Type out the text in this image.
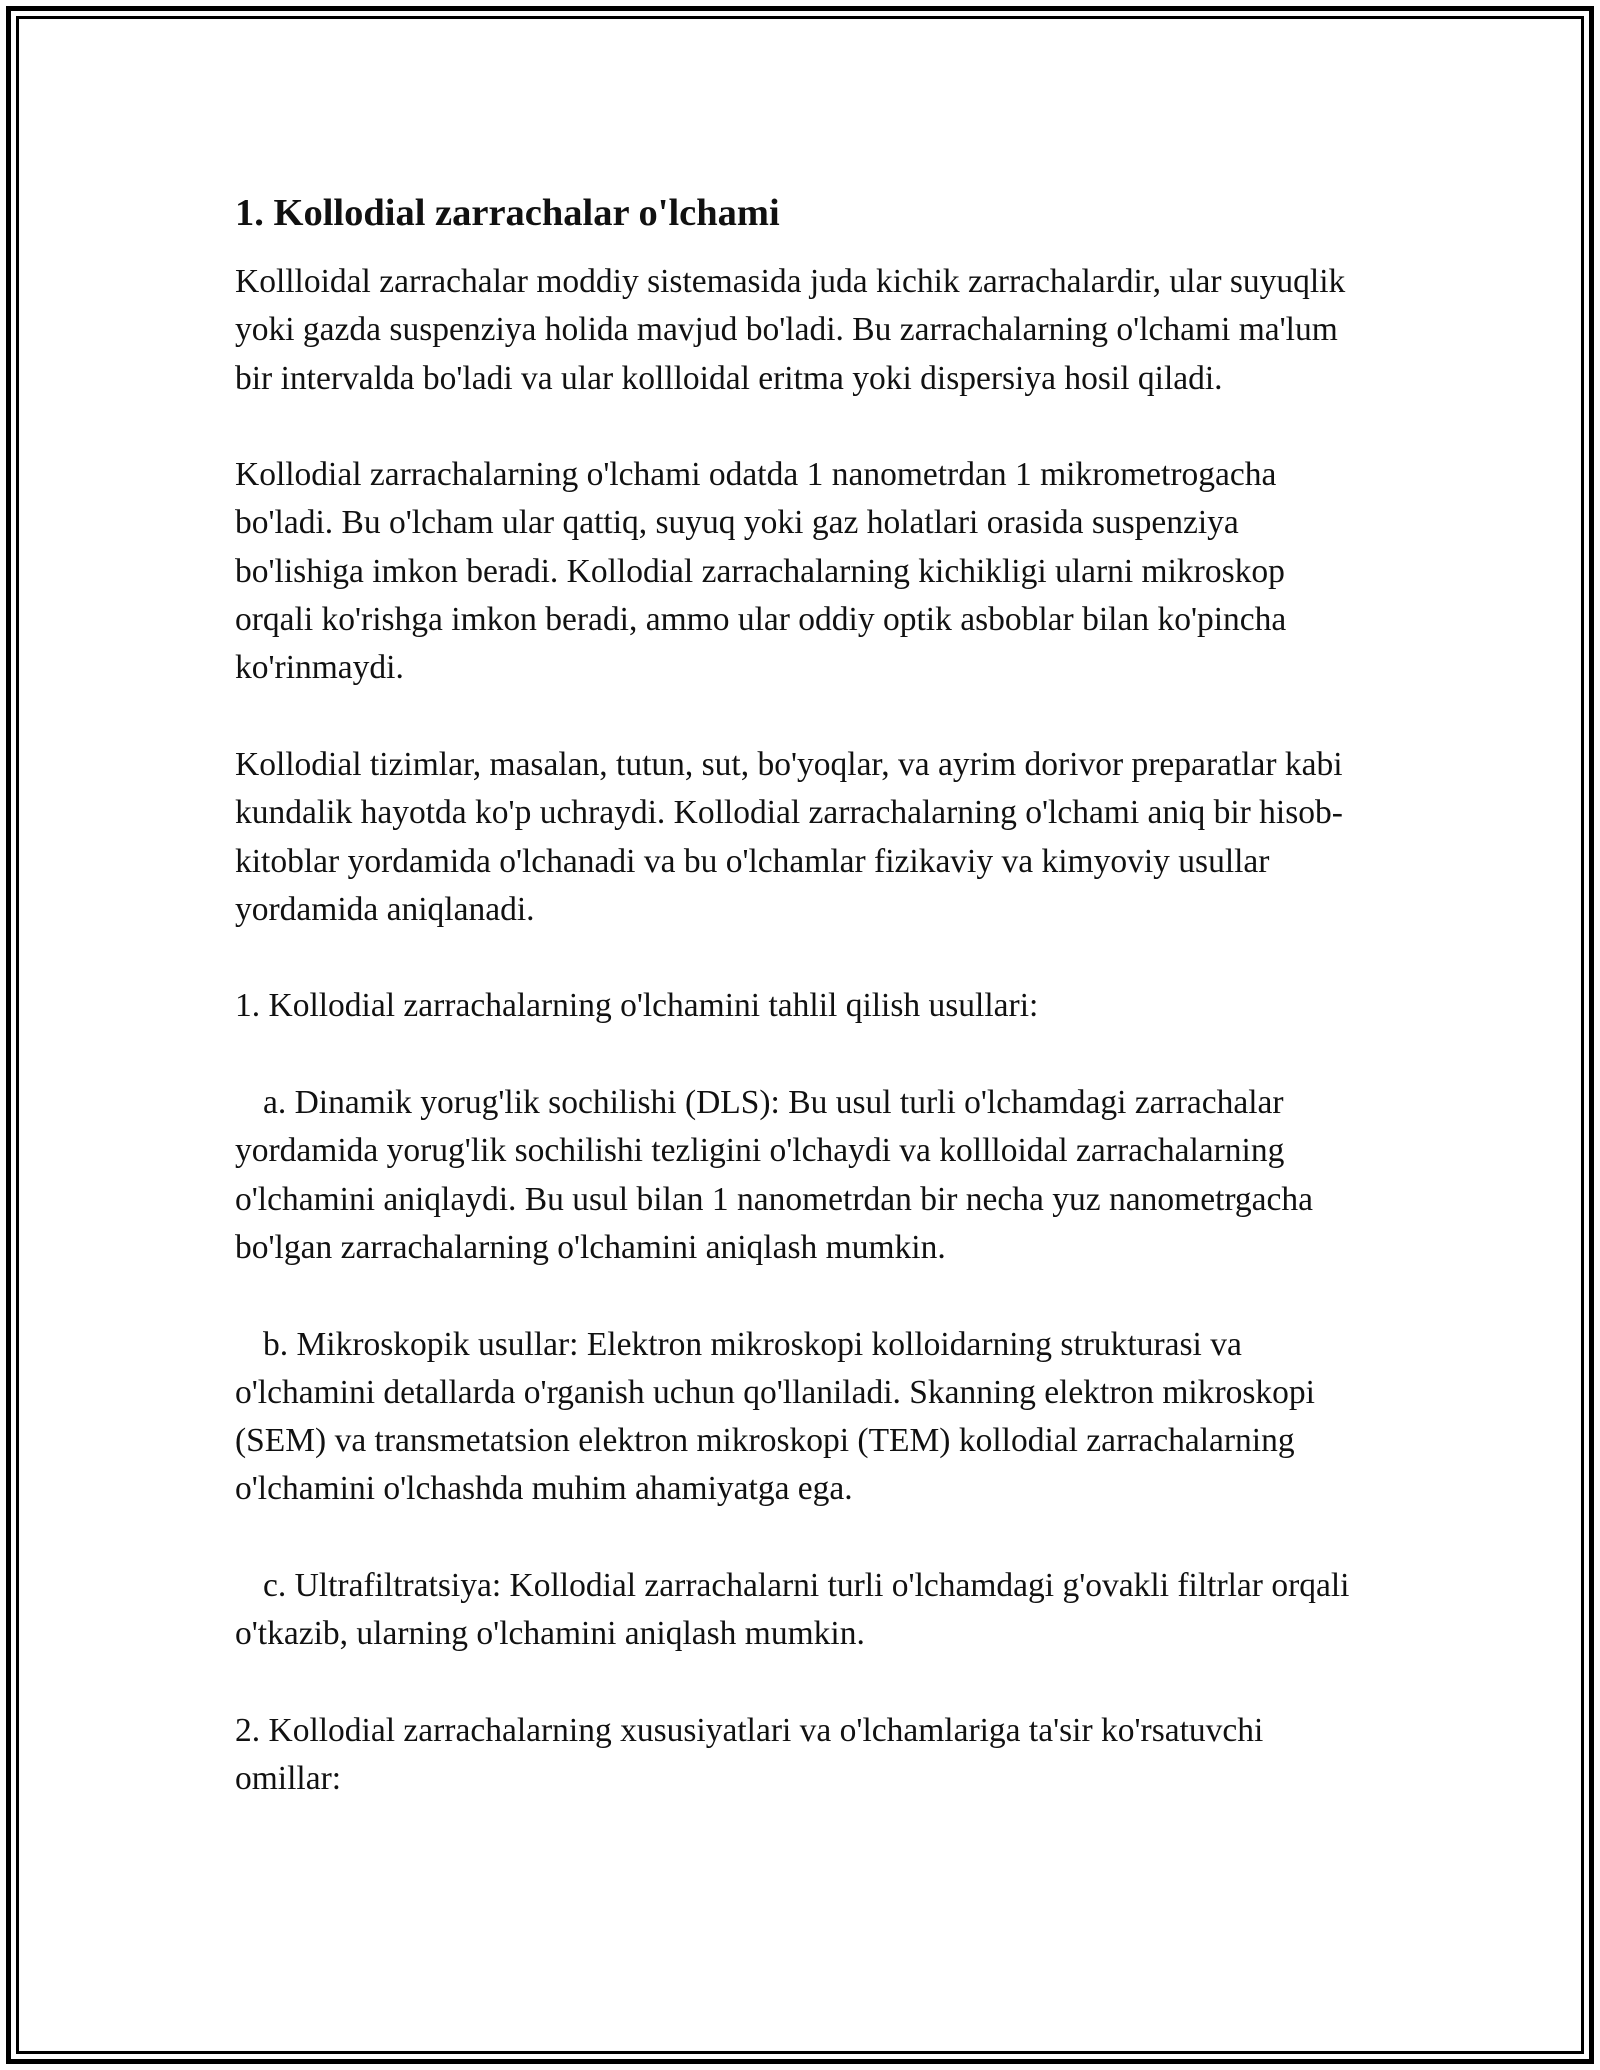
1. Kollodial zarrachalar o'lchami

Kollloidal zarrachalar moddiy sistemasida juda kichik zarrachalardir, ular suyuqlik yoki gazda suspenziya holida mavjud bo'ladi. Bu zarrachalarning o'lchami ma'lum bir intervalda bo'ladi va ular kollloidal eritma yoki dispersiya hosil qiladi.

Kollodial zarrachalarning o'lchami odatda 1 nanometrdan 1 mikrometrogacha bo'ladi. Bu o'lcham ular qattiq, suyuq yoki gaz holatlari orasida suspenziya bo'lishiga imkon beradi. Kollodial zarrachalarning kichikligi ularni mikroskop orqali ko'rishga imkon beradi, ammo ular oddiy optik asboblar bilan ko'pincha ko'rinmaydi.

Kollodial tizimlar, masalan, tutun, sut, bo'yoqlar, va ayrim dorivor preparatlar kabi kundalik hayotda ko'p uchraydi. Kollodial zarrachalarning o'lchami aniq bir hisob-kitoblar yordamida o'lchanadi va bu o'lchamlar fizikaviy va kimyoviy usullar yordamida aniqlanadi.

1. Kollodial zarrachalarning o'lchamini tahlil qilish usullari:

a. Dinamik yorug'lik sochilishi (DLS): Bu usul turli o'lchamdagi zarrachalar yordamida yorug'lik sochilishi tezligini o'lchaydi va kollloidal zarrachalarning o'lchamini aniqlaydi. Bu usul bilan 1 nanometrdan bir necha yuz nanometrgacha bo'lgan zarrachalarning o'lchamini aniqlash mumkin.

b. Mikroskopik usullar: Elektron mikroskopi kolloidarning strukturasi va o'lchamini detallarda o'rganish uchun qo'llaniladi. Skanning elektron mikroskopi (SEM) va transmetatsion elektron mikroskopi (TEM) kollodial zarrachalarning o'lchamini o'lchashda muhim ahamiyatga ega.

c. Ultrafiltratsiya: Kollodial zarrachalarni turli o'lchamdagi g'ovakli filtrlar orqali o'tkazib, ularning o'lchamini aniqlash mumkin.

2. Kollodial zarrachalarning xususiyatlari va o'lchamlariga ta'sir ko'rsatuvchi omillar:
